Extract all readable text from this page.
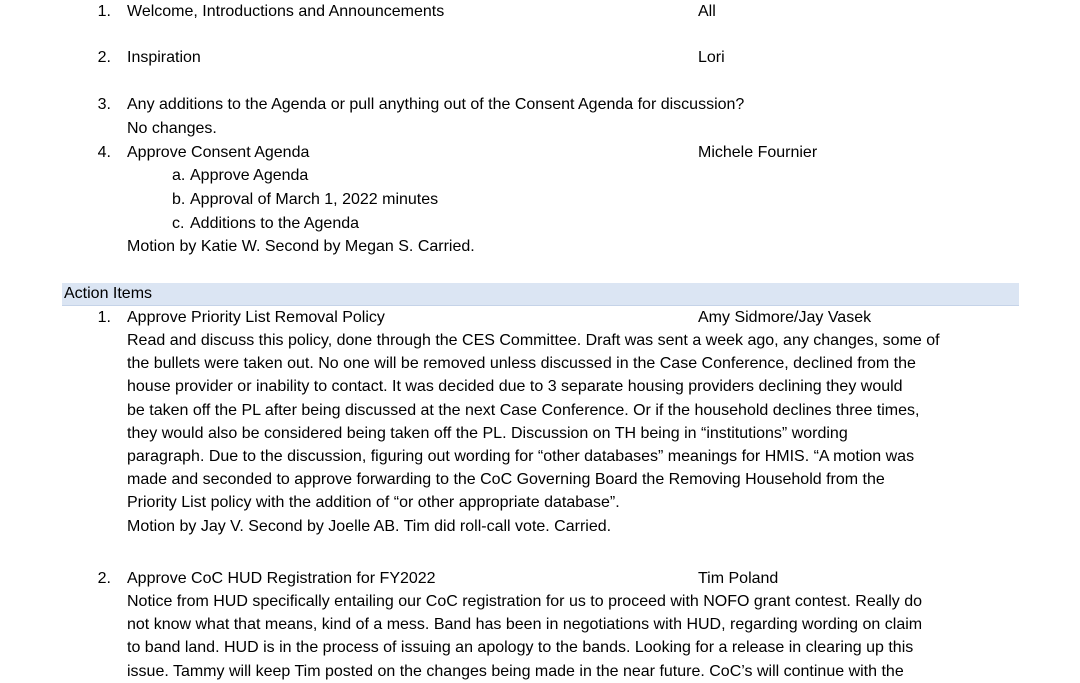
1. Welcome, Introductions and Announcements	All
2. Inspiration	Lori
3. Any additions to the Agenda or pull anything out of the Consent Agenda for discussion?
No changes.
4. Approve Consent Agenda	Michele Fournier
a. Approve Agenda
b. Approval of March 1, 2022 minutes
c. Additions to the Agenda
Motion by Katie W. Second by Megan S. Carried.
Action Items
1. Approve Priority List Removal Policy	Amy Sidmore/Jay Vasek
Read and discuss this policy, done through the CES Committee. Draft was sent a week ago, any changes, some of
the bullets were taken out. No one will be removed unless discussed in the Case Conference, declined from the
house provider or inability to contact. It was decided due to 3 separate housing providers declining they would
be taken off the PL after being discussed at the next Case Conference. Or if the household declines three times,
they would also be considered being taken off the PL. Discussion on TH being in “institutions” wording
paragraph. Due to the discussion, figuring out wording for “other databases” meanings for HMIS. “A motion was
made and seconded to approve forwarding to the CoC Governing Board the Removing Household from the
Priority List policy with the addition of “or other appropriate database”.
Motion by Jay V. Second by Joelle AB. Tim did roll-call vote. Carried.
2. Approve CoC HUD Registration for FY2022	Tim Poland
Notice from HUD specifically entailing our CoC registration for us to proceed with NOFO grant contest. Really do
not know what that means, kind of a mess. Band has been in negotiations with HUD, regarding wording on claim
to band land. HUD is in the process of issuing an apology to the bands. Looking for a release in clearing up this
issue. Tammy will keep Tim posted on the changes being made in the near future. CoC’s will continue with the
